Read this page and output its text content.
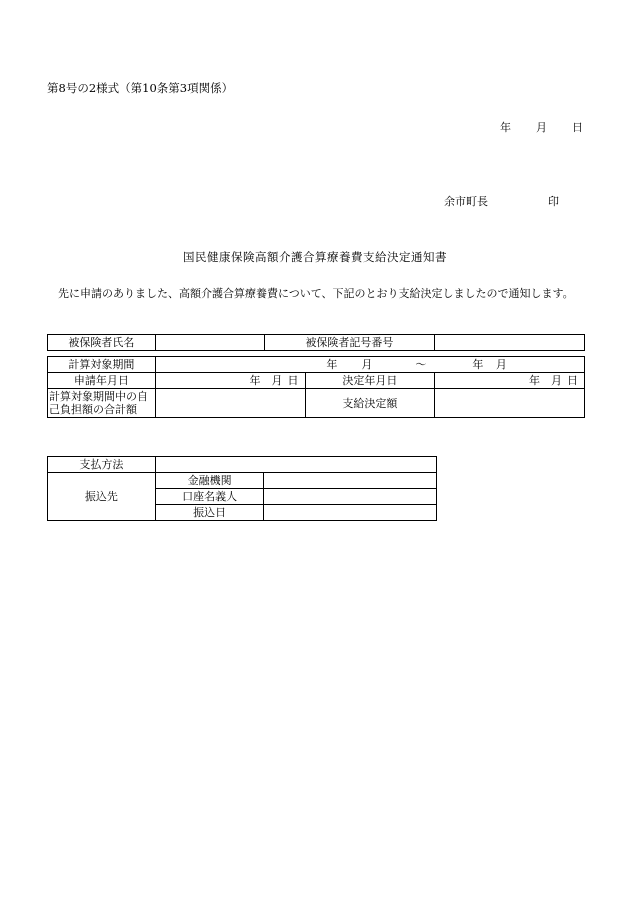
第8号の2様式（第10条第3項関係）
年 月 日
余市町長	印
国民健康保険高額介護合算療養費支給決定通知書
先に申請のありました、高額介護合算療養費について、下記のとおり支給決定しましたので通知します。
被保険者氏名		被保険者記号番号	
計算対象期間	年 月 ～ 年 月		
申請年月日	年 月 日	決定年月日	年 月 日

計算対象期間中の自
己負担額の合計額		支給決定額	
支払方法		
振込先	金融機関	
	口座名義人	
	振込日	
